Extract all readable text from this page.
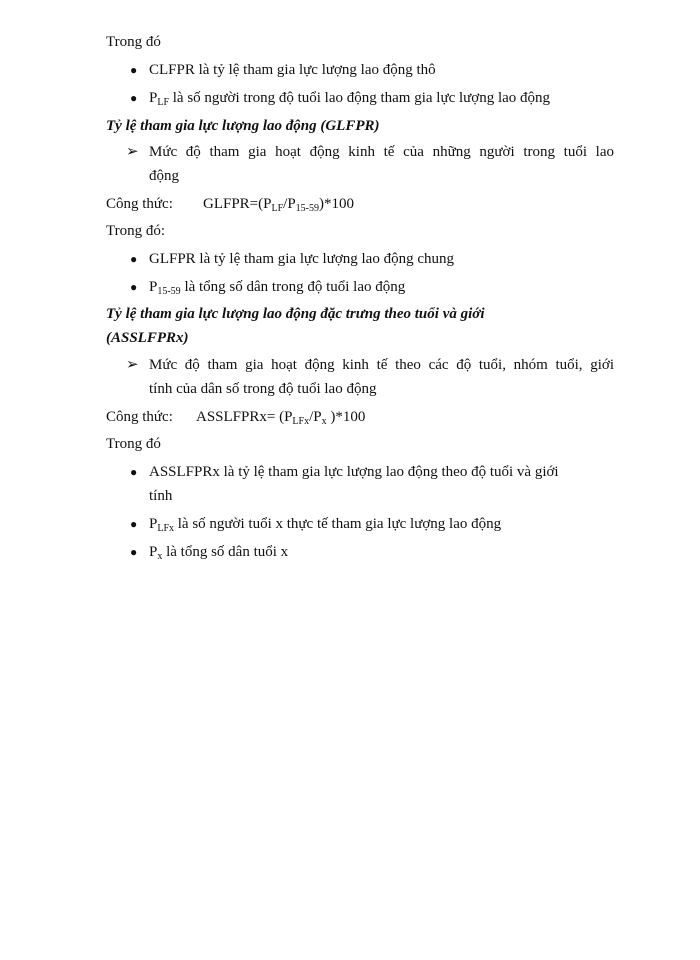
Trong đó
● CLFPR là tỷ lệ tham gia lực lượng lao động thô
● $P_{LF}$ là số người trong độ tuổi lao động tham gia lực lượng lao động
Tỷ lệ tham gia lực lượng lao động (GLFPR)
➢ Mức độ tham gia hoạt động kinh tế của những người trong tuổi lao
động
Công thức: $GLFPR=(P_{LF}/P_{15-59})*100$
Trong đó:
● GLFPR là tỷ lệ tham gia lực lượng lao động chung
● $P_{15-59}$ là tổng số dân trong độ tuổi lao động
Tỷ lệ tham gia lực lượng lao động đặc trưng theo tuổi và giới
(ASSLFPRx)
➢ Mức độ tham gia hoạt động kinh tế theo các độ tuổi, nhóm tuổi, giới
tính của dân số trong độ tuổi lao động
Công thức: ASSLFPRx= ($P_{LFx}/P_x$ )*100
Trong đó
● ASSLFPRx là tỷ lệ tham gia lực lượng lao động theo độ tuổi và giới
tính
● $P_{LFx}$ là số người tuổi x thực tế tham gia lực lượng lao động
● $P_x$ là tổng số dân tuổi x
